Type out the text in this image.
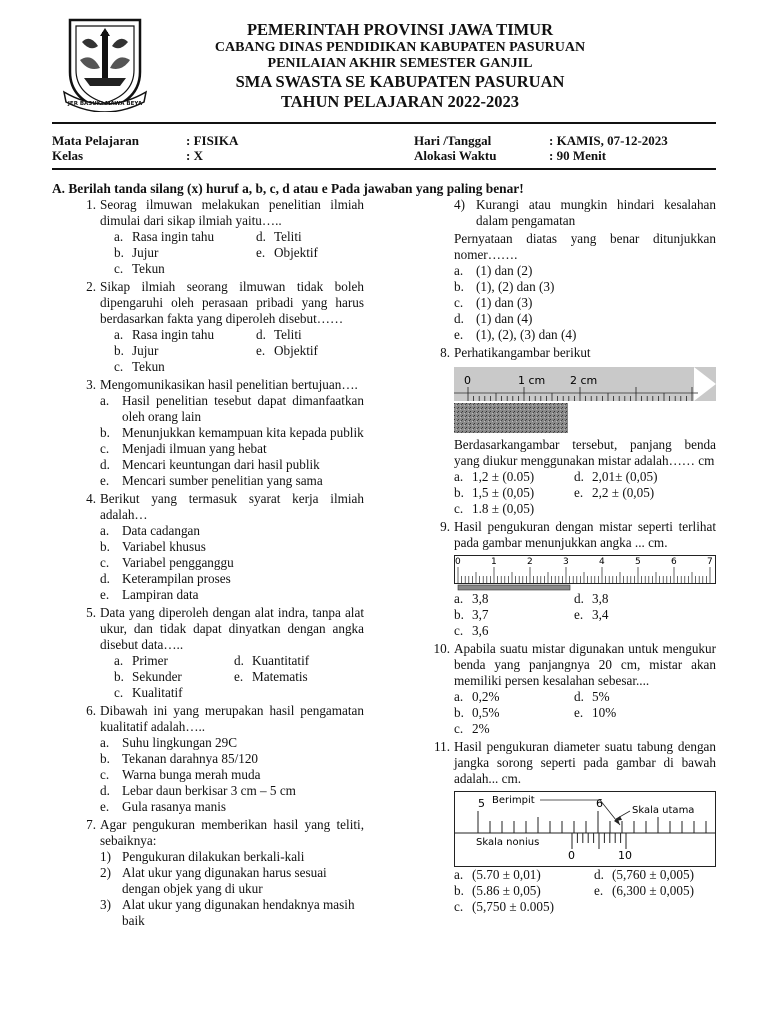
JER BASUKI MAWA BEYA
PEMERINTAH PROVINSI JAWA TIMUR
CABANG DINAS PENDIDIKAN KABUPATEN PASURUAN
PENILAIAN AKHIR SEMESTER GANJIL
SMA SWASTA SE KABUPATEN PASURUAN
TAHUN PELAJARAN 2022-2023
Mata Pelajaran	: FISIKA	Hari /Tanggal	: KAMIS, 07-12-2023
Kelas	: X	Alokasi Waktu	: 90 Menit
A. Berilah tanda silang (x) huruf a, b, c, d atau e Pada jawaban yang paling benar!
1. Seorag ilmuwan melakukan penelitian ilmiah dimulai dari sikap ilmiah yaitu…..
a. Rasa ingin tahu	d. Teliti
b. Jujur	e. Objektif
c. Tekun
2. Sikap ilmiah seorang ilmuwan tidak boleh dipengaruhi oleh perasaan pribadi yang harus berdasarkan fakta yang diperoleh disebut……
a. Rasa ingin tahu	d. Teliti
b. Jujur	e. Objektif
c. Tekun
3. Mengomunikasikan hasil penelitian bertujuan….
a. Hasil penelitian tesebut dapat dimanfaatkan oleh orang lain
b. Menunjukkan kemampuan kita kepada publik
c. Menjadi ilmuan yang hebat
d. Mencari keuntungan dari hasil publik
e. Mencari sumber penelitian yang sama
4. Berikut yang termasuk syarat kerja ilmiah adalah…
a. Data cadangan
b. Variabel khusus
c. Variabel pengganggu
d. Keterampilan proses
e. Lampiran data
5. Data yang diperoleh dengan alat indra, tanpa alat ukur, dan tidak dapat dinyatkan dengan angka disebut data…..
a. Primer	d. Kuantitatif
b. Sekunder	e. Matematis
c. Kualitatif
6. Dibawah ini yang merupakan hasil pengamatan kualitatif adalah…..
a. Suhu lingkungan 29C
b. Tekanan darahnya 85/120
c. Warna bunga merah muda
d. Lebar daun berkisar 3 cm – 5 cm
e. Gula rasanya manis
7. Agar pengukuran memberikan hasil yang teliti, sebaiknya:
1) Pengukuran dilakukan berkali-kali
2) Alat ukur yang digunakan harus sesuai dengan objek yang di ukur
3) Alat ukur yang digunakan hendaknya masih baik
4) Kurangi atau mungkin hindari kesalahan dalam pengamatan
Pernyataan diatas yang benar ditunjukkan nomer…….
a. (1) dan (2)
b. (1), (2) dan (3)
c. (1) dan (3)
d. (1) dan (4)
e. (1), (2), (3) dan (4)
8. Perhatikangambar berikut
0	1 cm 2 cm
Berdasarkangambar tersebut, panjang benda yang diukur menggunakan mistar adalah…… cm
a. 1,2 ± (0.05)	d. 2,01± (0,05)
b. 1,5 ± (0,05)	e. 2,2 ± (0,05)
c. 1.8 ± (0,05)
9. Hasil pengukuran dengan mistar seperti terlihat pada gambar menunjukkan angka ... cm.
0	1	2	3	4	5	6	7
a. 3,8	d. 3,8
b. 3,7	e. 3,4
c. 3,6
10. Apabila suatu mistar digunakan untuk mengukur benda yang panjangnya 20 cm, mistar akan memiliki persen kesalahan sebesar....
a. 0,2%	d. 5%
b. 0,5%	e. 10%
c. 2%
11. Hasil pengukuran diameter suatu tabung dengan jangka sorong seperti pada gambar di bawah adalah... cm.
5 Berimpit	6
Skala utama
Skala nonius
0	10
a. (5.70 ± 0,01)	d. (5,760 ± 0,005)
b. (5.86 ± 0,05)	e. (6,300 ± 0,005)
c. (5,750 ± 0.005)
